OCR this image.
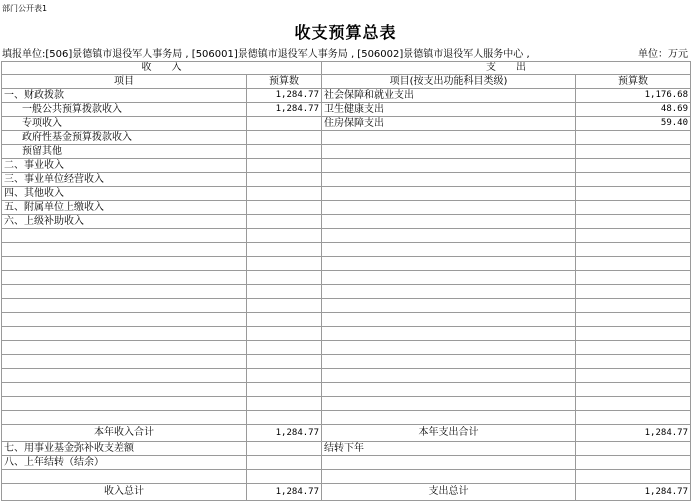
部门公开表1
收支预算总表
填报单位:[506]景德镇市退役军人事务局 , [506001]景德镇市退役军人事务局 , [506002]景德镇市退役军人服务中心 ,	单位：万元
收　　入		支　　出	
项目	预算数	项目(按支出功能科目类级)	预算数
一、财政拨款	1,284.77	社会保障和就业支出	1,176.68
一般公共预算拨款收入	1,284.77	卫生健康支出	48.69
专项收入		住房保障支出	59.40
政府性基金预算拨款收入			
预留其他			
二、事业收入			
三、事业单位经营收入			
四、其他收入			
五、附属单位上缴收入			
六、上级补助收入			

本年收入合计	1,284.77	本年支出合计	1,284.77
七、用事业基金弥补收支差额		结转下年	
八、上年结转（结余）			

收入总计	1,284.77	支出总计	1,284.77
